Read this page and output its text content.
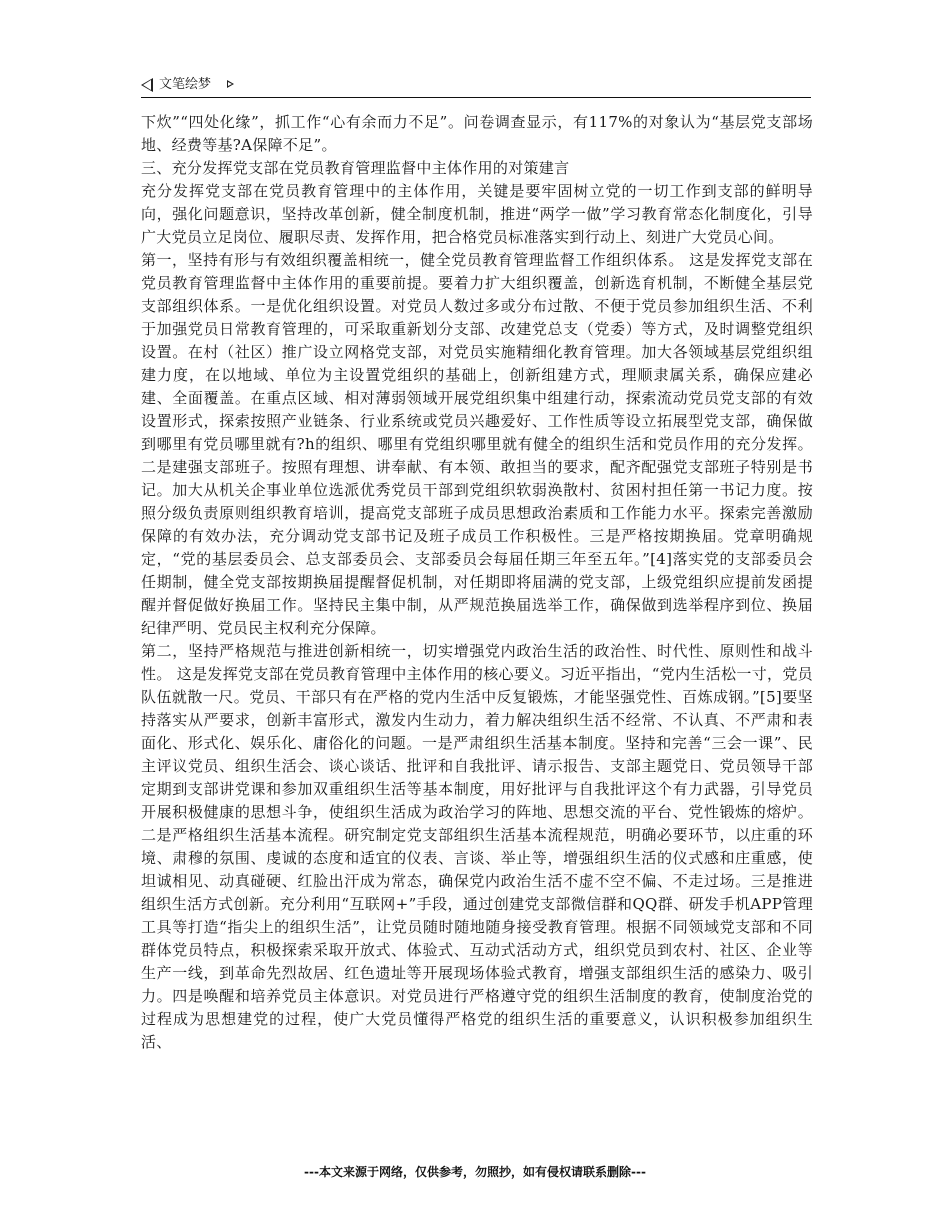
文笔绘梦

下炊”“四处化缘”，抓工作“心有余而力不足”。问卷调查显示，有117%的对象认为“基层党支部场地、经费等基?A保障不足”。

三、充分发挥党支部在党员教育管理监督中主体作用的对策建言

充分发挥党支部在党员教育管理中的主体作用，关键是要牢固树立党的一切工作到支部的鲜明导向，强化问题意识，坚持改革创新，健全制度机制，推进“两学一做”学习教育常态化制度化，引导广大党员立足岗位、履职尽责、发挥作用，把合格党员标准落实到行动上、刻进广大党员心间。

第一，坚持有形与有效组织覆盖相统一，健全党员教育管理监督工作组织体系。 这是发挥党支部在党员教育管理监督中主体作用的重要前提。要着力扩大组织覆盖，创新选育机制，不断健全基层党支部组织体系。一是优化组织设置。对党员人数过多或分布过散、不便于党员参加组织生活、不利于加强党员日常教育管理的，可采取重新划分支部、改建党总支（党委）等方式，及时调整党组织设置。在村（社区）推广设立网格党支部，对党员实施精细化教育管理。加大各领域基层党组织组建力度，在以地域、单位为主设置党组织的基础上，创新组建方式，理顺隶属关系，确保应建必建、全面覆盖。在重点区域、相对薄弱领域开展党组织集中组建行动，探索流动党员党支部的有效设置形式，探索按照产业链条、行业系统或党员兴趣爱好、工作性质等设立拓展型党支部，确保做到哪里有党员哪里就有?h的组织、哪里有党组织哪里就有健全的组织生活和党员作用的充分发挥。二是建强支部班子。按照有理想、讲奉献、有本领、敢担当的要求，配齐配强党支部班子特别是书记。加大从机关企事业单位选派优秀党员干部到党组织软弱涣散村、贫困村担任第一书记力度。按照分级负责原则组织教育培训，提高党支部班子成员思想政治素质和工作能力水平。探索完善激励保障的有效办法，充分调动党支部书记及班子成员工作积极性。三是严格按期换届。党章明确规定，“党的基层委员会、总支部委员会、支部委员会每届任期三年至五年。”[4]落实党的支部委员会任期制，健全党支部按期换届提醒督促机制，对任期即将届满的党支部，上级党组织应提前发函提醒并督促做好换届工作。坚持民主集中制，从严规范换届选举工作，确保做到选举程序到位、换届纪律严明、党员民主权利充分保障。

第二，坚持严格规范与推进创新相统一，切实增强党内政治生活的政治性、时代性、原则性和战斗性。 这是发挥党支部在党员教育管理中主体作用的核心要义。习近平指出，“党内生活松一寸，党员队伍就散一尺。党员、干部只有在严格的党内生活中反复锻炼，才能坚强党性、百炼成钢。”[5]要坚持落实从严要求，创新丰富形式，激发内生动力，着力解决组织生活不经常、不认真、不严肃和表面化、形式化、娱乐化、庸俗化的问题。一是严肃组织生活基本制度。坚持和完善“三会一课”、民主评议党员、组织生活会、谈心谈话、批评和自我批评、请示报告、支部主题党日、党员领导干部定期到支部讲党课和参加双重组织生活等基本制度，用好批评与自我批评这个有力武器，引导党员开展积极健康的思想斗争，使组织生活成为政治学习的阵地、思想交流的平台、党性锻炼的熔炉。二是严格组织生活基本流程。研究制定党支部组织生活基本流程规范，明确必要环节，以庄重的环境、肃穆的氛围、虔诚的态度和适宜的仪表、言谈、举止等，增强组织生活的仪式感和庄重感，使坦诚相见、动真碰硬、红脸出汗成为常态，确保党内政治生活不虚不空不偏、不走过场。三是推进组织生活方式创新。充分利用“互联网+”手段，通过创建党支部微信群和QQ群、研发手机APP管理工具等打造“指尖上的组织生活”，让党员随时随地随身接受教育管理。根据不同领域党支部和不同群体党员特点，积极探索采取开放式、体验式、互动式活动方式，组织党员到农村、社区、企业等生产一线，到革命先烈故居、红色遗址等开展现场体验式教育，增强支部组织生活的感染力、吸引力。四是唤醒和培养党员主体意识。对党员进行严格遵守党的组织生活制度的教育，使制度治党的过程成为思想建党的过程，使广大党员懂得严格党的组织生活的重要意义，认识积极参加组织生活、

---本文来源于网络，仅供参考，勿照抄，如有侵权请联系删除---
